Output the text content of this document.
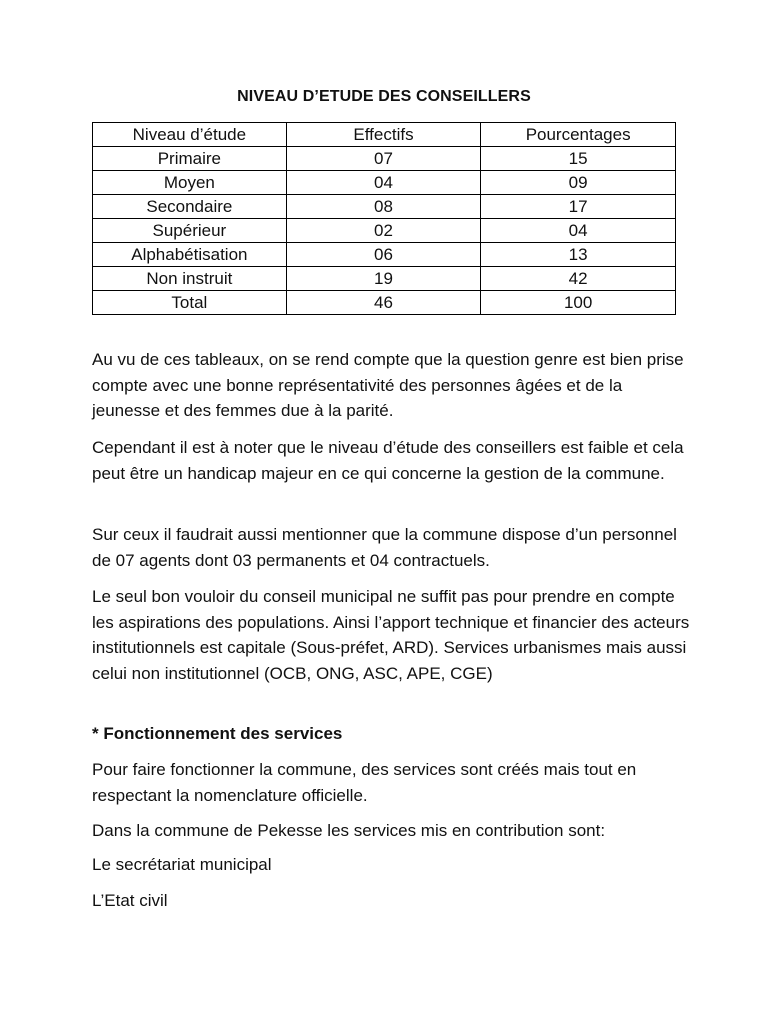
NIVEAU D’ETUDE DES CONSEILLERS
Niveau d’étude	Effectifs	Pourcentages
Primaire	07	15
Moyen	04	09
Secondaire	08	17
Supérieur	02	04
Alphabétisation	06	13
Non instruit	19	42
Total	46	100

Au vu de ces tableaux, on se rend compte que la question genre est bien prise compte avec une bonne représentativité des personnes âgées et de la jeunesse et des femmes due à la parité.

Cependant il est à noter que le niveau d’étude des conseillers est faible et cela peut être un handicap majeur en ce qui concerne la gestion de la commune.

Sur ceux il faudrait aussi mentionner que la commune dispose d’un personnel de 07 agents dont 03 permanents et 04 contractuels.

Le seul bon vouloir du conseil municipal ne suffit pas pour prendre en compte les aspirations des populations. Ainsi l’apport technique et financier des acteurs institutionnels est capitale (Sous-préfet, ARD). Services urbanismes mais aussi celui non institutionnel (OCB, ONG, ASC, APE, CGE)

* Fonctionnement des services

Pour faire fonctionner la commune, des services sont créés mais tout en respectant la nomenclature officielle.

Dans la commune de Pekesse les services mis en contribution sont:
Le secrétariat municipal
L’Etat civil
